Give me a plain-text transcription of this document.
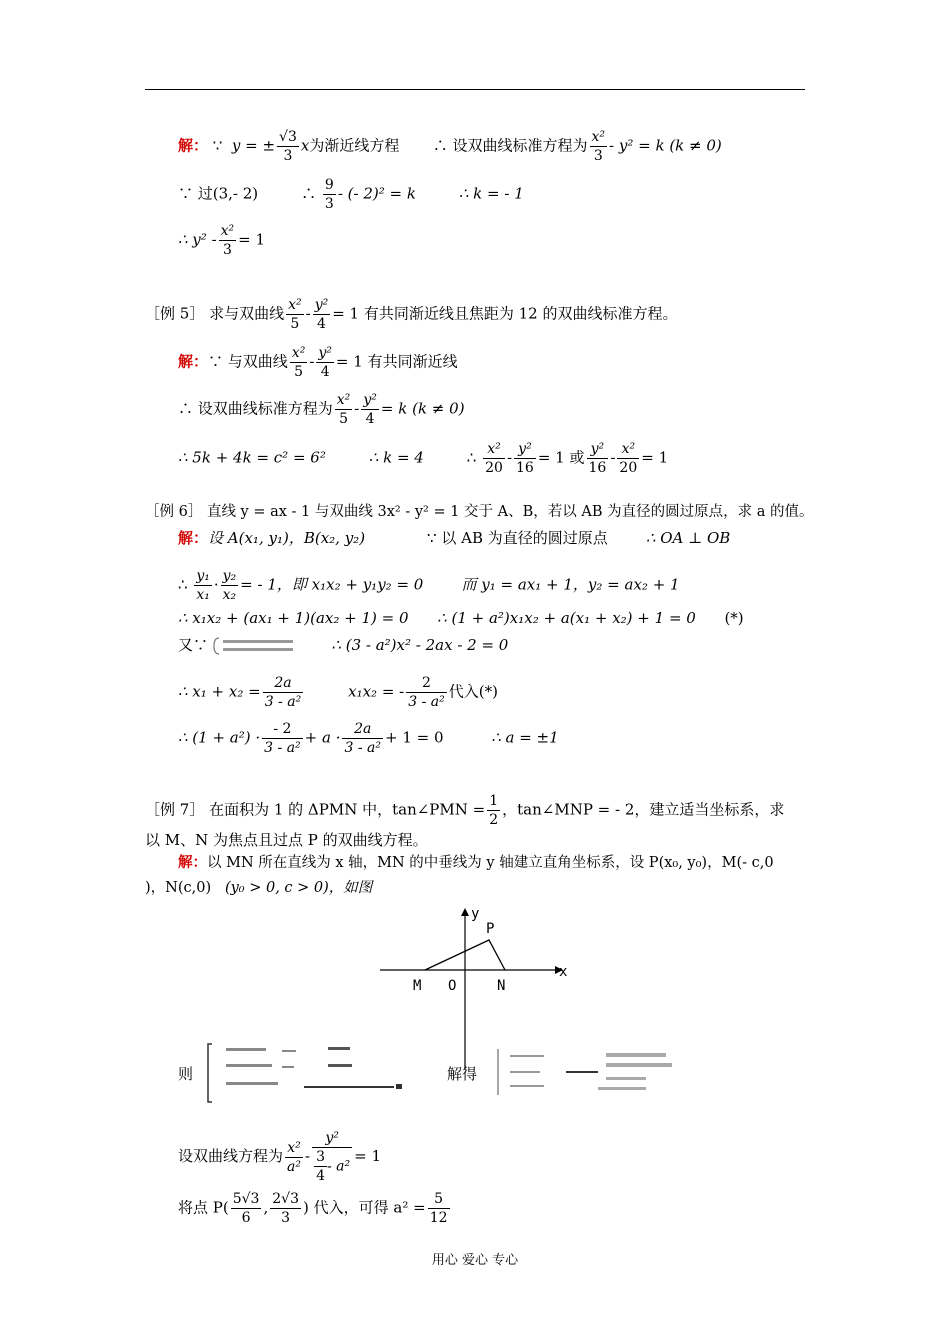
解： ∵ y = ± $\frac{√3}{3}$ x为渐近线方程 ∴ 设双曲线标准方程为 $\frac{\text{x²}}{3} - y^2 = k$ (k ≠ 0)
∵ 过(3,- 2)	∴ $\frac{9}{3}$ - (- 2)² = k	∴ k = - 1
∴ $y^2 - \frac{\text{x²}}{3} = 1$
［例 5］ 求与双曲线 $\frac{\text{x²}}{5} - \frac{\text{y²}}{4} = 1$ 有共同渐近线且焦距为 12 的双曲线标准方程。
解：∵ 与双曲线 $\frac{\text{x²}}{5} - \frac{\text{y²}}{4} = 1$ 有共同渐近线
∴ 设双曲线标准方程为 $\frac{\text{x²}}{5} - \frac{\text{y²}}{4} = k$ (k ≠ 0)
∴ 5k + 4k = c² = 6²	∴ k = 4	∴ $\frac{\text{x²}}{20} - \frac{\text{y²}}{16} = 1$ 或 $\frac{\text{y²}}{16} - \frac{\text{x²}}{20} = 1$
［例 6］ 直线 y = ax - 1 与双曲线 3x² - y² = 1 交于 A、B，若以 AB 为直径的圆过原点，求 a 的值。
解：设 A(x₁, y₁)，B(x₂, y₂)	∵ 以 AB 为直径的圆过原点	∴ OA ⊥ OB
∴ $\frac{\text{y₁}}{\text{x₁}} \cdot \frac{\text{y₂}}{\text{x₂}}$ = - 1，即 x₁x₂ + y₁y₂ = 0	而 y₁ = ax₁ + 1，y₂ = ax₂ + 1
∴ x₁x₂ + (ax₁ + 1)(ax₂ + 1) = 0 ∴ (1 + a²)x₁x₂ + a(x₁ + x₂) + 1 = 0 (*)
又∵	∴ (3 - a²)x² - 2ax - 2 = 0
∴ $x_1 + x_2 = \frac{2a}{\text{3 - a²}}$	x₁x₂ = - $\frac{2}{\text{3 - a²}}$ 代入(*)
∴ $(1 + a^2) \cdot \frac{- 2}{\text{3 - a²}} + a \cdot \frac{2a}{\text{3 - a²}} + 1 = 0$	∴ a = ±1
［例 7］ 在面积为 1 的 ΔPMN 中，tan∠PMN = $\frac{1}{2}$ ，tan∠MNP = - 2，建立适当坐标系，求
以 M、N 为焦点且过点 P 的双曲线方程。
解：以 MN 所在直线为 x 轴，MN 的中垂线为 y 轴建立直角坐标系，设 P(x₀, y₀)，M(- c,0
)，N(c,0) (y₀ > 0, c > 0)，如图
y
x
P
M O	N
则	解得
设双曲线方程为 $\frac{\text{x²}}{\text{a²}} - \frac{\text{y²}}{\frac{3}{4} - a^2} = 1$
将点 $P( \frac{5√3}{6}$ , $\frac{2√3}{3}$ ) 代入，可得 $a^2 = \frac{5}{12}$
用心 爱心 专心
